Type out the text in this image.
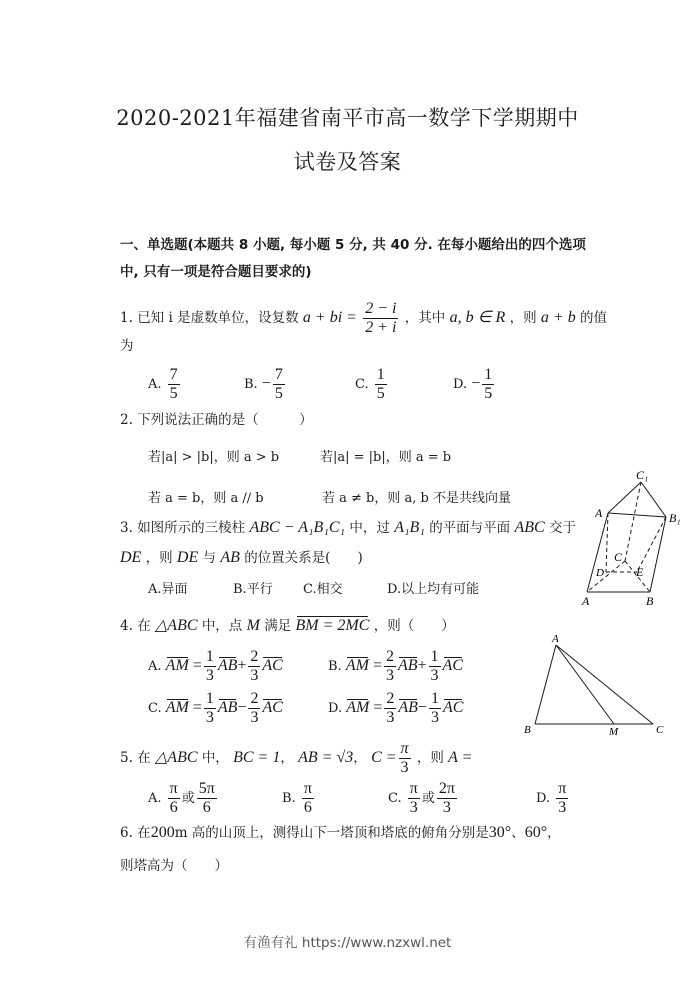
2020-2021年福建省南平市高一数学下学期期中
试卷及答案
一、单选题(本题共 8 小题, 每小题 5 分, 共 40 分. 在每小题给出的四个选项
中, 只有一项是符合题目要求的)
1. 已知 i 是虚数单位，设复数 a + bi = $\frac{2 - i}{2 + i}$ ，其中 a, b ∈ R ，则 a + b 的值
为
A. $\frac{7}{5}$	B. − $\frac{7}{5}$	C. $\frac{1}{5}$	D. − $\frac{1}{5}$
2. 下列说法正确的是（　　　）
若|a| > |b|，则 a > b	若|a| = |b|，则 a = b
若 a = b，则 a // b	若 a ≠ b，则 a, b 不是共线向量
3. 如图所示的三棱柱 ABC − A₁B₁C₁ 中，过 A₁B₁ 的平面与平面 ABC 交于
DE ，则 DE 与 AB 的位置关系是(　　)
A.异面	B.平行 C.相交	D.以上均有可能
C₁
A	B₁
C
D	E
A	B
4. 在 △ABC 中，点 M 满足 BM = 2MC ，则（　　）
A. AM = $\frac{1}{3} AB+ \frac{2}{3}$ AC	B. AM = $\frac{2}{3} AB+ \frac{1}{3}$ AC
C. AM = $\frac{1}{3} AB- \frac{2}{3}$ AC	D. AM = $\frac{2}{3} AB- \frac{1}{3}$ AC
A
B	M	C
5. 在 △ABC 中， BC = 1， AB = √3， $C = \frac{\pi}{3}$ ，则 A =
A. $\frac{\pi}{6}$ 或 $\frac{5\pi}{6}$	B. $\frac{\pi}{6}$	C. $\frac{\pi}{3}$ 或 $\frac{2\pi}{3}$	D. $\frac{\pi}{3}$
6. 在200m 高的山顶上，测得山下一塔顶和塔底的俯角分别是30°、60°，
则塔高为（　　）
有渔有礼 https://www.nzxwl.net
